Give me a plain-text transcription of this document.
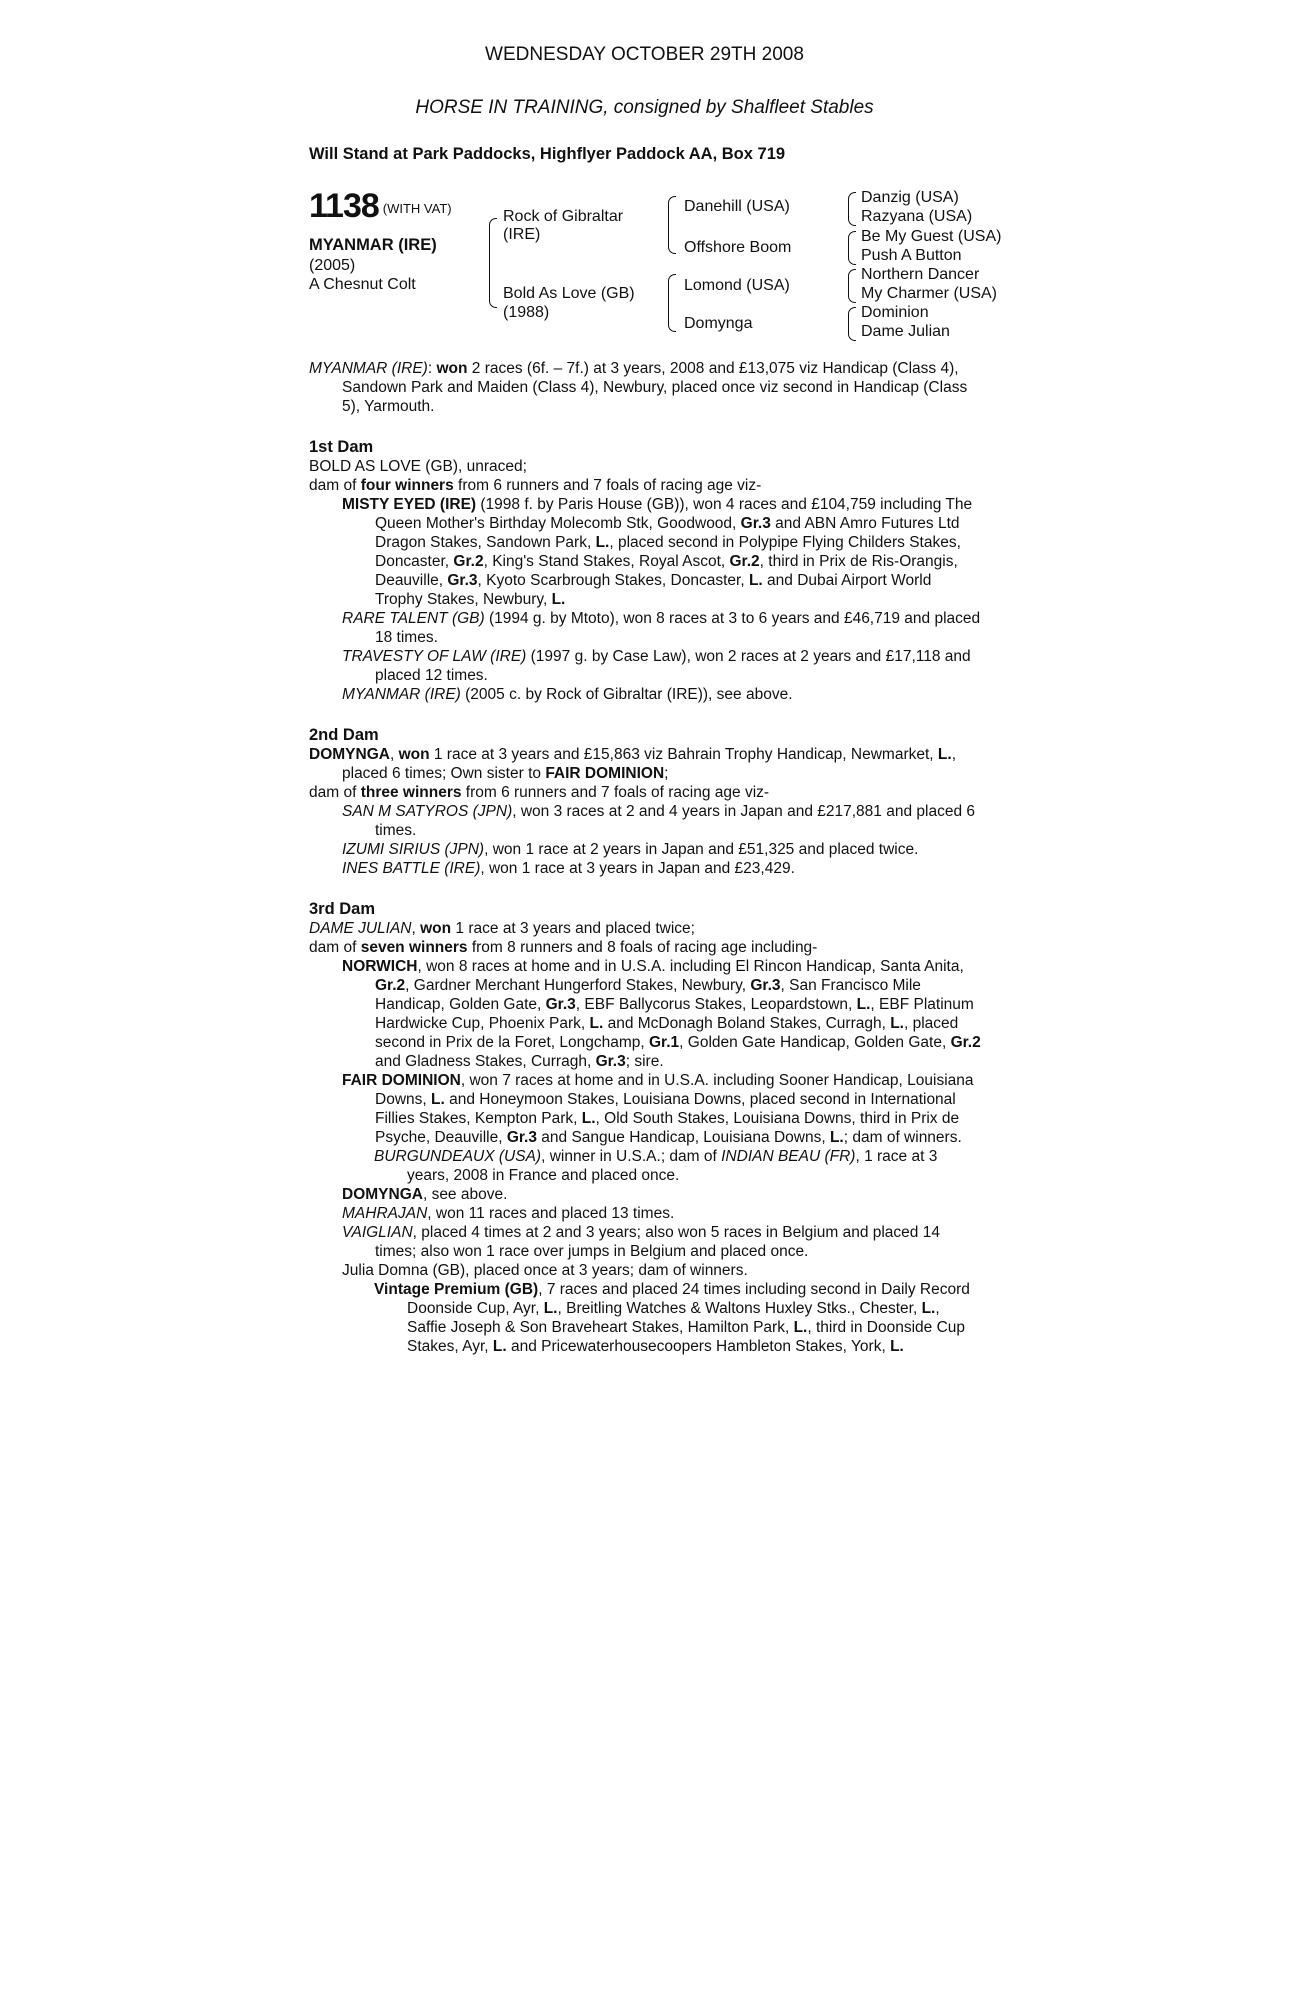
WEDNESDAY OCTOBER 29TH 2008
HORSE IN TRAINING, consigned by Shalfleet Stables
Will Stand at Park Paddocks, Highflyer Paddock AA, Box 719
1138 $^{(WITH VAT)}$
MYANMAR (IRE)
(2005)
A Chesnut Colt
Rock of Gibraltar
(IRE)
Bold As Love (GB)
(1988)
Danehill (USA)
Offshore Boom
Lomond (USA)
Domynga
Danzig (USA)
Razyana (USA)
Be My Guest (USA)
Push A Button
Northern Dancer
My Charmer (USA)
Dominion
Dame Julian

MYANMAR (IRE): won 2 races (6f. – 7f.) at 3 years, 2008 and £13,075 viz Handicap (Class 4), Sandown Park and Maiden (Class 4), Newbury, placed once viz second in Handicap (Class 5), Yarmouth.

1st Dam

BOLD AS LOVE (GB), unraced;

dam of four winners from 6 runners and 7 foals of racing age viz-

MISTY EYED (IRE) (1998 f. by Paris House (GB)), won 4 races and £104,759 including The Queen Mother's Birthday Molecomb Stk, Goodwood, Gr.3 and ABN Amro Futures Ltd Dragon Stakes, Sandown Park, L., placed second in Polypipe Flying Childers Stakes, Doncaster, Gr.2, King's Stand Stakes, Royal Ascot, Gr.2, third in Prix de Ris-Orangis, Deauville, Gr.3, Kyoto Scarbrough Stakes, Doncaster, L. and Dubai Airport World Trophy Stakes, Newbury, L.

RARE TALENT (GB) (1994 g. by Mtoto), won 8 races at 3 to 6 years and £46,719 and placed 18 times.

TRAVESTY OF LAW (IRE) (1997 g. by Case Law), won 2 races at 2 years and £17,118 and placed 12 times.

MYANMAR (IRE) (2005 c. by Rock of Gibraltar (IRE)), see above.

2nd Dam

DOMYNGA, won 1 race at 3 years and £15,863 viz Bahrain Trophy Handicap, Newmarket, L., placed 6 times; Own sister to FAIR DOMINION;

dam of three winners from 6 runners and 7 foals of racing age viz-

SAN M SATYROS (JPN), won 3 races at 2 and 4 years in Japan and £217,881 and placed 6 times.

IZUMI SIRIUS (JPN), won 1 race at 2 years in Japan and £51,325 and placed twice.

INES BATTLE (IRE), won 1 race at 3 years in Japan and £23,429.

3rd Dam

DAME JULIAN, won 1 race at 3 years and placed twice;

dam of seven winners from 8 runners and 8 foals of racing age including-

NORWICH, won 8 races at home and in U.S.A. including El Rincon Handicap, Santa Anita, Gr.2, Gardner Merchant Hungerford Stakes, Newbury, Gr.3, San Francisco Mile Handicap, Golden Gate, Gr.3, EBF Ballycorus Stakes, Leopardstown, L., EBF Platinum Hardwicke Cup, Phoenix Park, L. and McDonagh Boland Stakes, Curragh, L., placed second in Prix de la Foret, Longchamp, Gr.1, Golden Gate Handicap, Golden Gate, Gr.2 and Gladness Stakes, Curragh, Gr.3; sire.

FAIR DOMINION, won 7 races at home and in U.S.A. including Sooner Handicap, Louisiana Downs, L. and Honeymoon Stakes, Louisiana Downs, placed second in International Fillies Stakes, Kempton Park, L., Old South Stakes, Louisiana Downs, third in Prix de Psyche, Deauville, Gr.3 and Sangue Handicap, Louisiana Downs, L.; dam of winners.

BURGUNDEAUX (USA), winner in U.S.A.; dam of INDIAN BEAU (FR), 1 race at 3 years, 2008 in France and placed once.

DOMYNGA, see above.

MAHRAJAN, won 11 races and placed 13 times.

VAIGLIAN, placed 4 times at 2 and 3 years; also won 5 races in Belgium and placed 14 times; also won 1 race over jumps in Belgium and placed once.

Julia Domna (GB), placed once at 3 years; dam of winners.

Vintage Premium (GB), 7 races and placed 24 times including second in Daily Record Doonside Cup, Ayr, L., Breitling Watches & Waltons Huxley Stks., Chester, L., Saffie Joseph & Son Braveheart Stakes, Hamilton Park, L., third in Doonside Cup Stakes, Ayr, L. and Pricewaterhousecoopers Hambleton Stakes, York, L.
